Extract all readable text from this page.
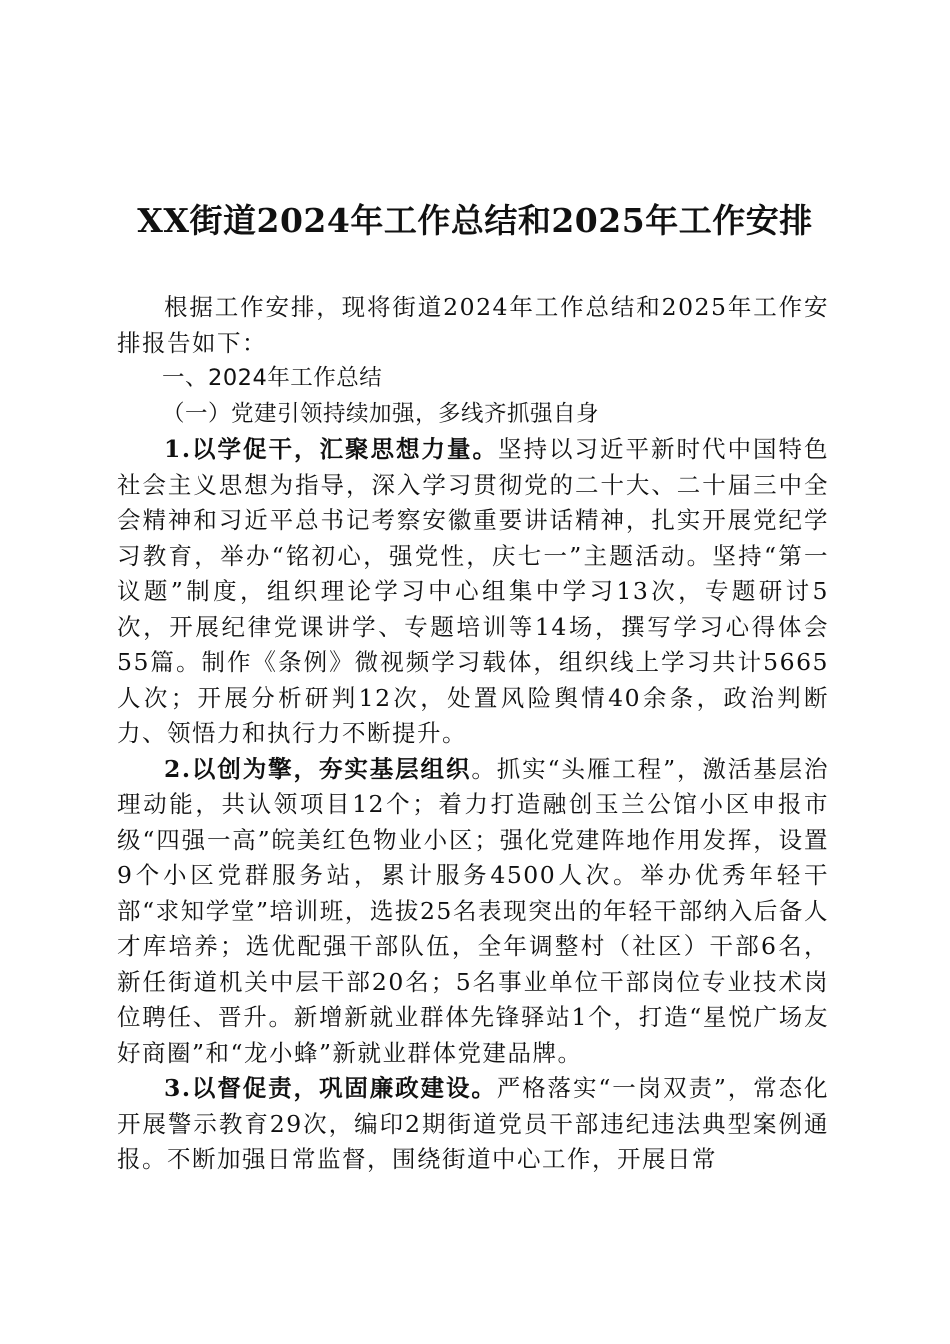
XX街道2024年工作总结和2025年工作安排

根据工作安排，现将街道2024年工作总结和2025年工作安排报告如下：

一、2024年工作总结

（一）党建引领持续加强，多线齐抓强自身

1.以学促干，汇聚思想力量。坚持以习近平新时代中国特色社会主义思想为指导，深入学习贯彻党的二十大、二十届三中全会精神和习近平总书记考察安徽重要讲话精神，扎实开展党纪学习教育，举办“铭初心，强党性，庆七一”主题活动。坚持“第一议题”制度，组织理论学习中心组集中学习13次，专题研讨5次，开展纪律党课讲学、专题培训等14场，撰写学习心得体会55篇。制作《条例》微视频学习载体，组织线上学习共计5665人次；开展分析研判12次，处置风险舆情40余条，政治判断力、领悟力和执行力不断提升。

2.以创为擎，夯实基层组织。抓实“头雁工程”，激活基层治理动能，共认领项目12个；着力打造融创玉兰公馆小区申报市级“四强一高”皖美红色物业小区；强化党建阵地作用发挥，设置9个小区党群服务站，累计服务4500人次。举办优秀年轻干部“求知学堂”培训班，选拔25名表现突出的年轻干部纳入后备人才库培养；选优配强干部队伍，全年调整村（社区）干部6名，新任街道机关中层干部20名；5名事业单位干部岗位专业技术岗位聘任、晋升。新增新就业群体先锋驿站1个，打造“星悦广场友好商圈”和“龙小蜂”新就业群体党建品牌。

3.以督促责，巩固廉政建设。严格落实“一岗双责”，常态化开展警示教育29次，编印2期街道党员干部违纪违法典型案例通报。不断加强日常监督，围绕街道中心工作，开展日常
